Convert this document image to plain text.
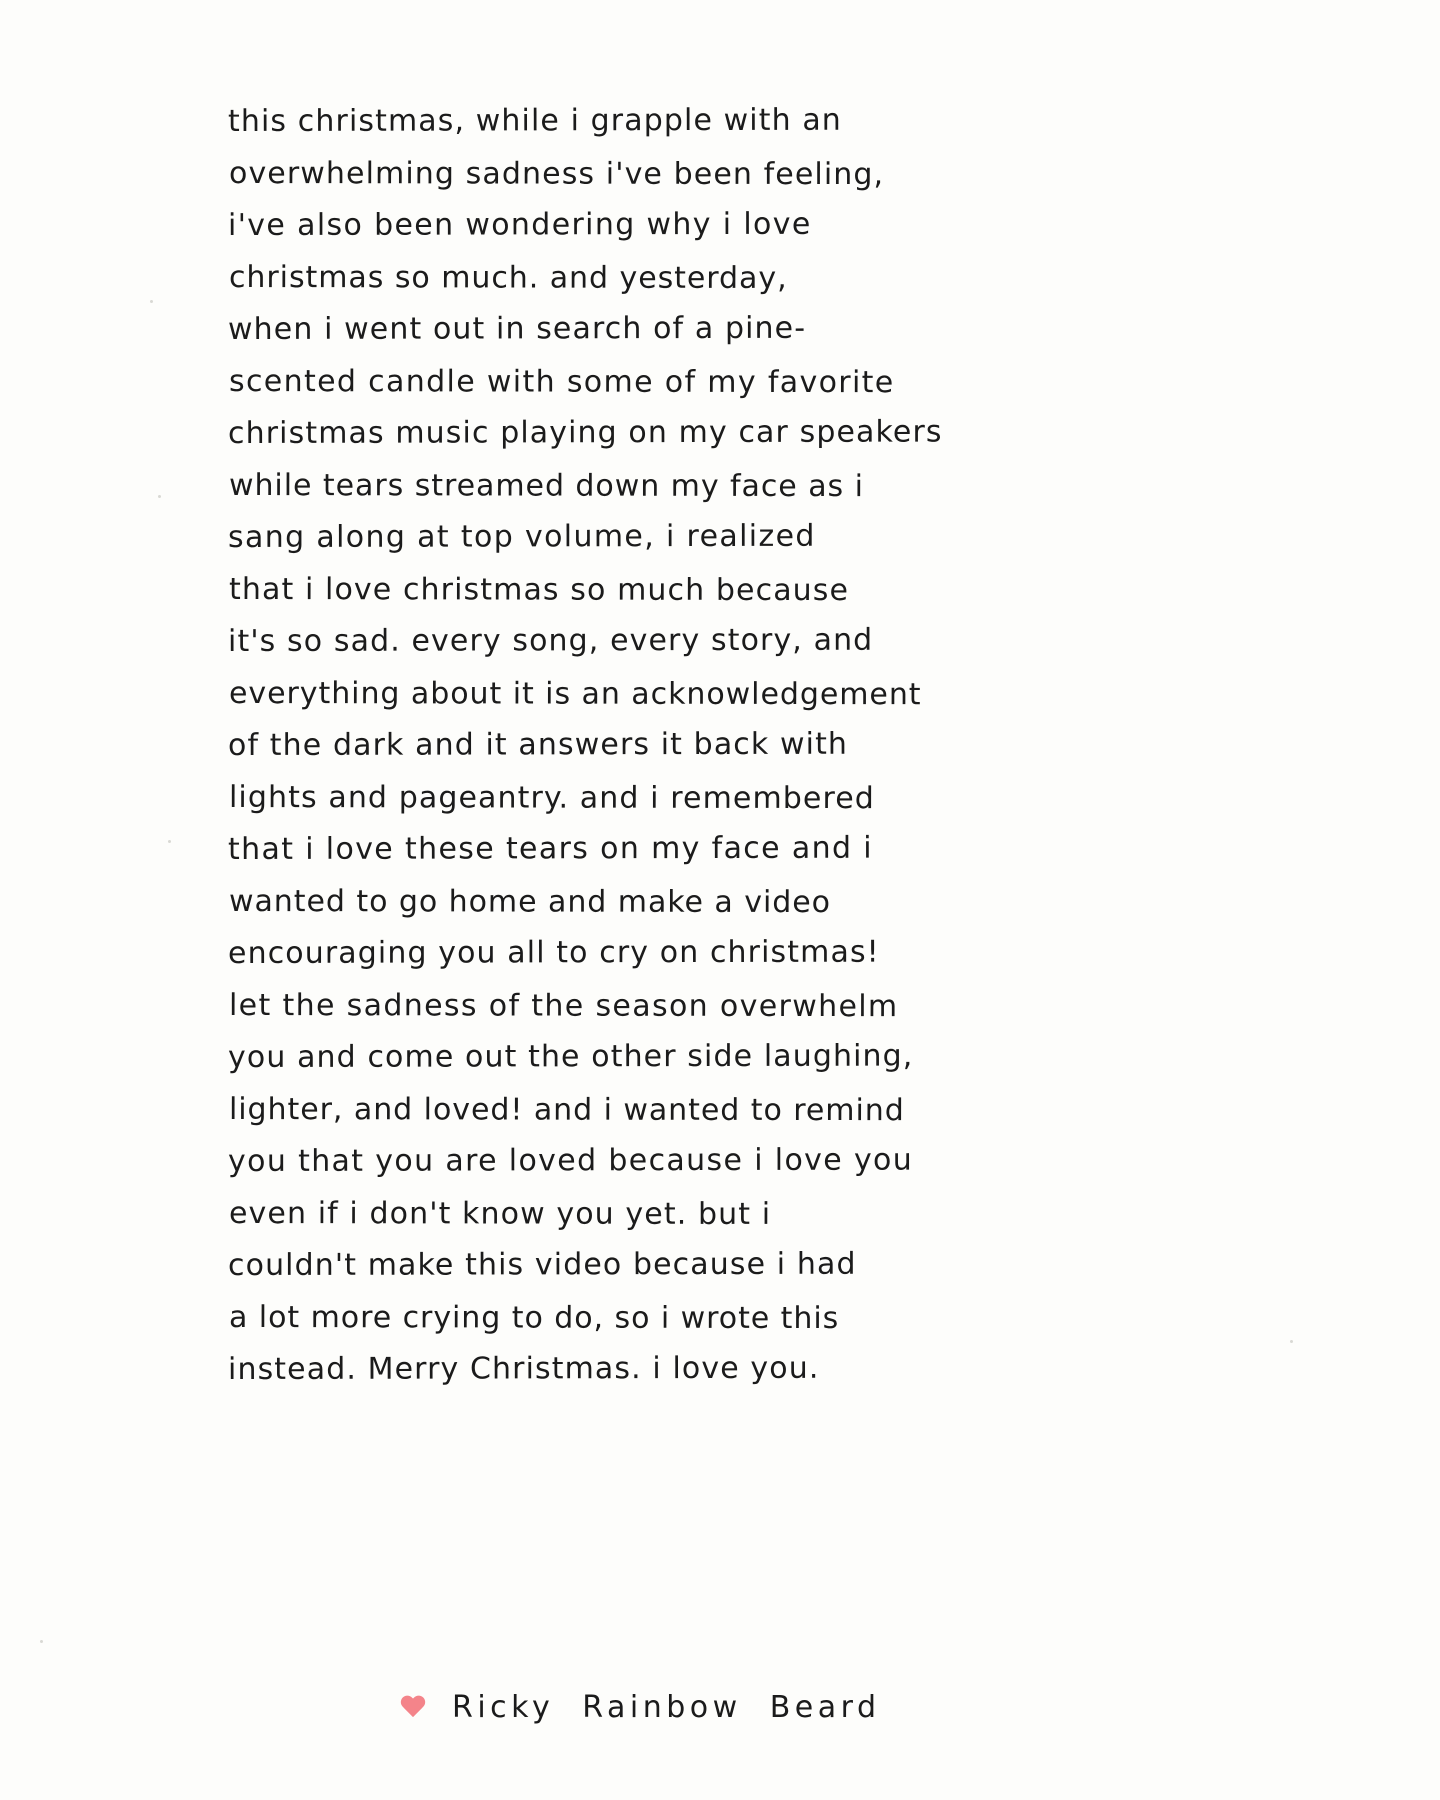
this christmas, while i grapple with an
overwhelming sadness i've been feeling,
i've also been wondering why i love
christmas so much. and yesterday,
when i went out in search of a pine-
scented candle with some of my favorite
christmas music playing on my car speakers
while tears streamed down my face as i
sang along at top volume, i realized
that i love christmas so much because
it's so sad. every song, every story, and
everything about it is an acknowledgement
of the dark and it answers it back with
lights and pageantry. and i remembered
that i love these tears on my face and i
wanted to go home and make a video
encouraging you all to cry on christmas!
let the sadness of the season overwhelm
you and come out the other side laughing,
lighter, and loved! and i wanted to remind
you that you are loved because i love you
even if i don't know you yet. but i
couldn't make this video because i had
a lot more crying to do, so i wrote this
instead. Merry Christmas. i love you.
Ricky  Rainbow  Beard
